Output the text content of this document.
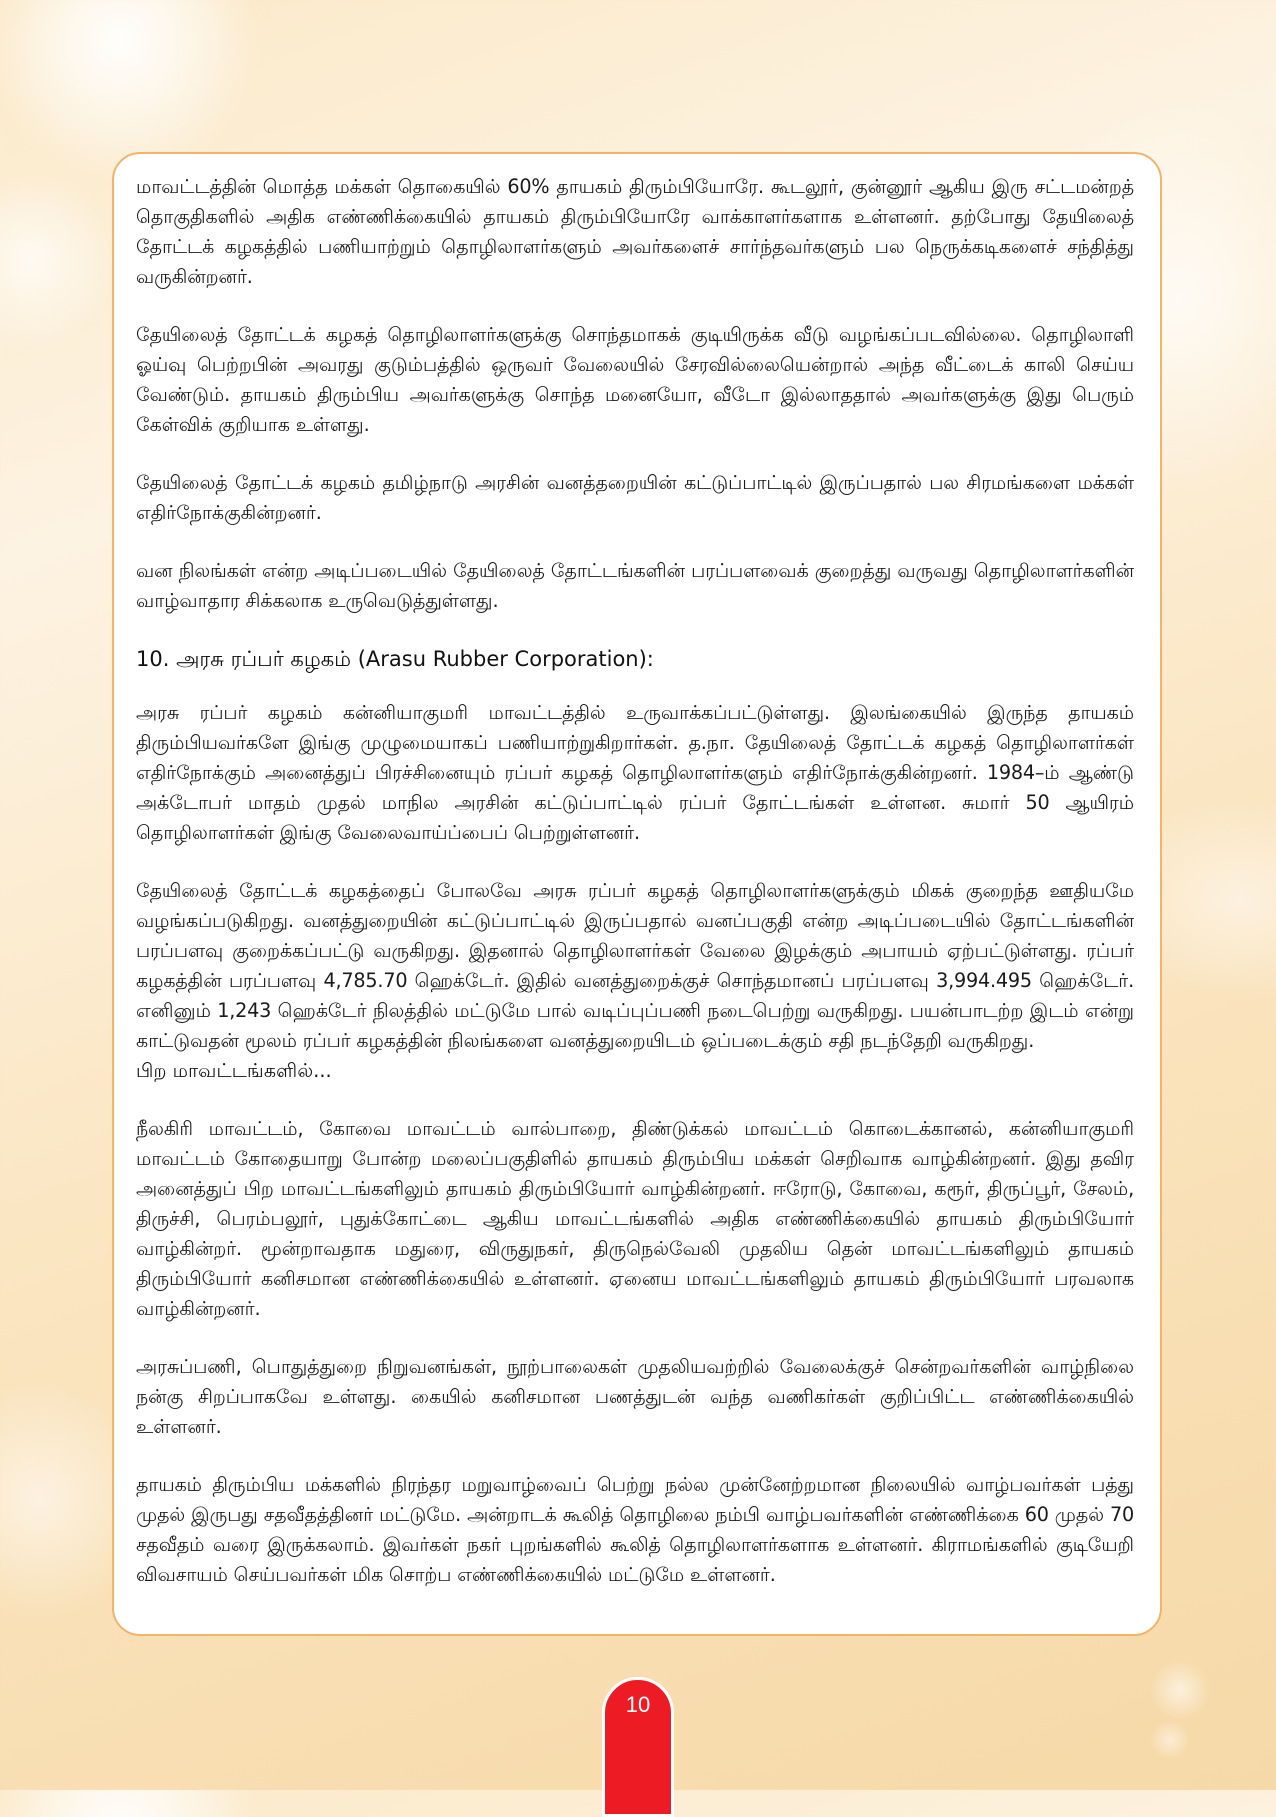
மாவட்டத்தின் மொத்த மக்கள் தொகையில் 60% தாயகம் திரும்பியோரே. கூடலூர், குன்னூர் ஆகிய இரு சட்டமன்றத் தொகுதிகளில் அதிக எண்ணிக்கையில் தாயகம் திரும்பியோரே வாக்காளர்களாக உள்ளனர். தற்போது தேயிலைத் தோட்டக் கழகத்தில் பணியாற்றும் தொழிலாளர்களும் அவர்களைச் சார்ந்தவர்களும் பல நெருக்கடிகளைச் சந்தித்து வருகின்றனர்.

தேயிலைத் தோட்டக் கழகத் தொழிலாளர்களுக்கு சொந்தமாகக் குடியிருக்க வீடு வழங்கப்படவில்லை. தொழிலாளி ஓய்வு பெற்றபின் அவரது குடும்பத்தில் ஒருவர் வேலையில் சேரவில்லையென்றால் அந்த வீட்டைக் காலி செய்ய வேண்டும். தாயகம் திரும்பிய அவர்களுக்கு சொந்த மனையோ, வீடோ இல்லாததால் அவர்களுக்கு இது பெரும் கேள்விக் குறியாக உள்ளது.

தேயிலைத் தோட்டக் கழகம் தமிழ்நாடு அரசின் வனத்தறையின் கட்டுப்பாட்டில் இருப்பதால் பல சிரமங்களை மக்கள் எதிர்நோக்குகின்றனர்.

வன நிலங்கள் என்ற அடிப்படையில் தேயிலைத் தோட்டங்களின் பரப்பளவைக் குறைத்து வருவது தொழிலாளர்களின் வாழ்வாதார சிக்கலாக உருவெடுத்துள்ளது.

10. அரசு ரப்பர் கழகம் (Arasu Rubber Corporation):

அரசு ரப்பர் கழகம் கன்னியாகுமரி மாவட்டத்தில் உருவாக்கப்பட்டுள்ளது. இலங்கையில் இருந்த தாயகம் திரும்பியவர்களே இங்கு முழுமையாகப் பணியாற்றுகிறார்கள். த.நா. தேயிலைத் தோட்டக் கழகத் தொழிலாளர்கள் எதிர்நோக்கும் அனைத்துப் பிரச்சினையும் ரப்பர் கழகத் தொழிலாளர்களும் எதிர்நோக்குகின்றனர். 1984–ம் ஆண்டு அக்டோபர் மாதம் முதல் மாநில அரசின் கட்டுப்பாட்டில் ரப்பர் தோட்டங்கள் உள்ளன. சுமார் 50 ஆயிரம் தொழிலாளர்கள் இங்கு வேலைவாய்ப்பைப் பெற்றுள்ளனர்.

தேயிலைத் தோட்டக் கழகத்தைப் போலவே அரசு ரப்பர் கழகத் தொழிலாளர்களுக்கும் மிகக் குறைந்த ஊதியமே வழங்கப்படுகிறது. வனத்துறையின் கட்டுப்பாட்டில் இருப்பதால் வனப்பகுதி என்ற அடிப்படையில் தோட்டங்களின் பரப்பளவு குறைக்கப்பட்டு வருகிறது. இதனால் தொழிலாளர்கள் வேலை இழக்கும் அபாயம் ஏற்பட்டுள்ளது. ரப்பர் கழகத்தின் பரப்பளவு 4,785.70 ஹெக்டேர். இதில் வனத்துறைக்குச் சொந்தமானப் பரப்பளவு 3,994.495 ஹெக்டேர். எனினும் 1,243 ஹெக்டேர் நிலத்தில் மட்டுமே பால் வடிப்புப்பணி நடைபெற்று வருகிறது. பயன்பாடற்ற இடம் என்று காட்டுவதன் மூலம் ரப்பர் கழகத்தின் நிலங்களை வனத்துறையிடம் ஒப்படைக்கும் சதி நடந்தேறி வருகிறது.

பிற மாவட்டங்களில்...

நீலகிரி மாவட்டம், கோவை மாவட்டம் வால்பாறை, திண்டுக்கல் மாவட்டம் கொடைக்கானல், கன்னியாகுமரி மாவட்டம் கோதையாறு போன்ற மலைப்பகுதிளில் தாயகம் திரும்பிய மக்கள் செறிவாக வாழ்கின்றனர். இது தவிர அனைத்துப் பிற மாவட்டங்களிலும் தாயகம் திரும்பியோர் வாழ்கின்றனர். ஈரோடு, கோவை, கரூர், திருப்பூர், சேலம், திருச்சி, பெரம்பலூர், புதுக்கோட்டை ஆகிய மாவட்டங்களில் அதிக எண்ணிக்கையில் தாயகம் திரும்பியோர் வாழ்கின்றர். மூன்றாவதாக மதுரை, விருதுநகர், திருநெல்வேலி முதலிய தென் மாவட்டங்களிலும் தாயகம் திரும்பியோர் கனிசமான எண்ணிக்கையில் உள்ளனர். ஏனைய மாவட்டங்களிலும் தாயகம் திரும்பியோர் பரவலாக வாழ்கின்றனர்.

அரசுப்பணி, பொதுத்துறை நிறுவனங்கள், நூற்பாலைகள் முதலியவற்றில் வேலைக்குச் சென்றவர்களின் வாழ்நிலை நன்கு சிறப்பாகவே உள்ளது. கையில் கனிசமான பணத்துடன் வந்த வணிகர்கள் குறிப்பிட்ட எண்ணிக்கையில் உள்ளனர்.

தாயகம் திரும்பிய மக்களில் நிரந்தர மறுவாழ்வைப் பெற்று நல்ல முன்னேற்றமான நிலையில் வாழ்பவர்கள் பத்து முதல் இருபது சதவீதத்தினர் மட்டுமே. அன்றாடக் கூலித் தொழிலை நம்பி வாழ்பவர்களின் எண்ணிக்கை 60 முதல் 70 சதவீதம் வரை இருக்கலாம். இவர்கள் நகர் புறங்களில் கூலித் தொழிலாளர்களாக உள்ளனர். கிராமங்களில் குடியேறி விவசாயம் செய்பவர்கள் மிக சொற்ப எண்ணிக்கையில் மட்டுமே உள்ளனர்.

10
